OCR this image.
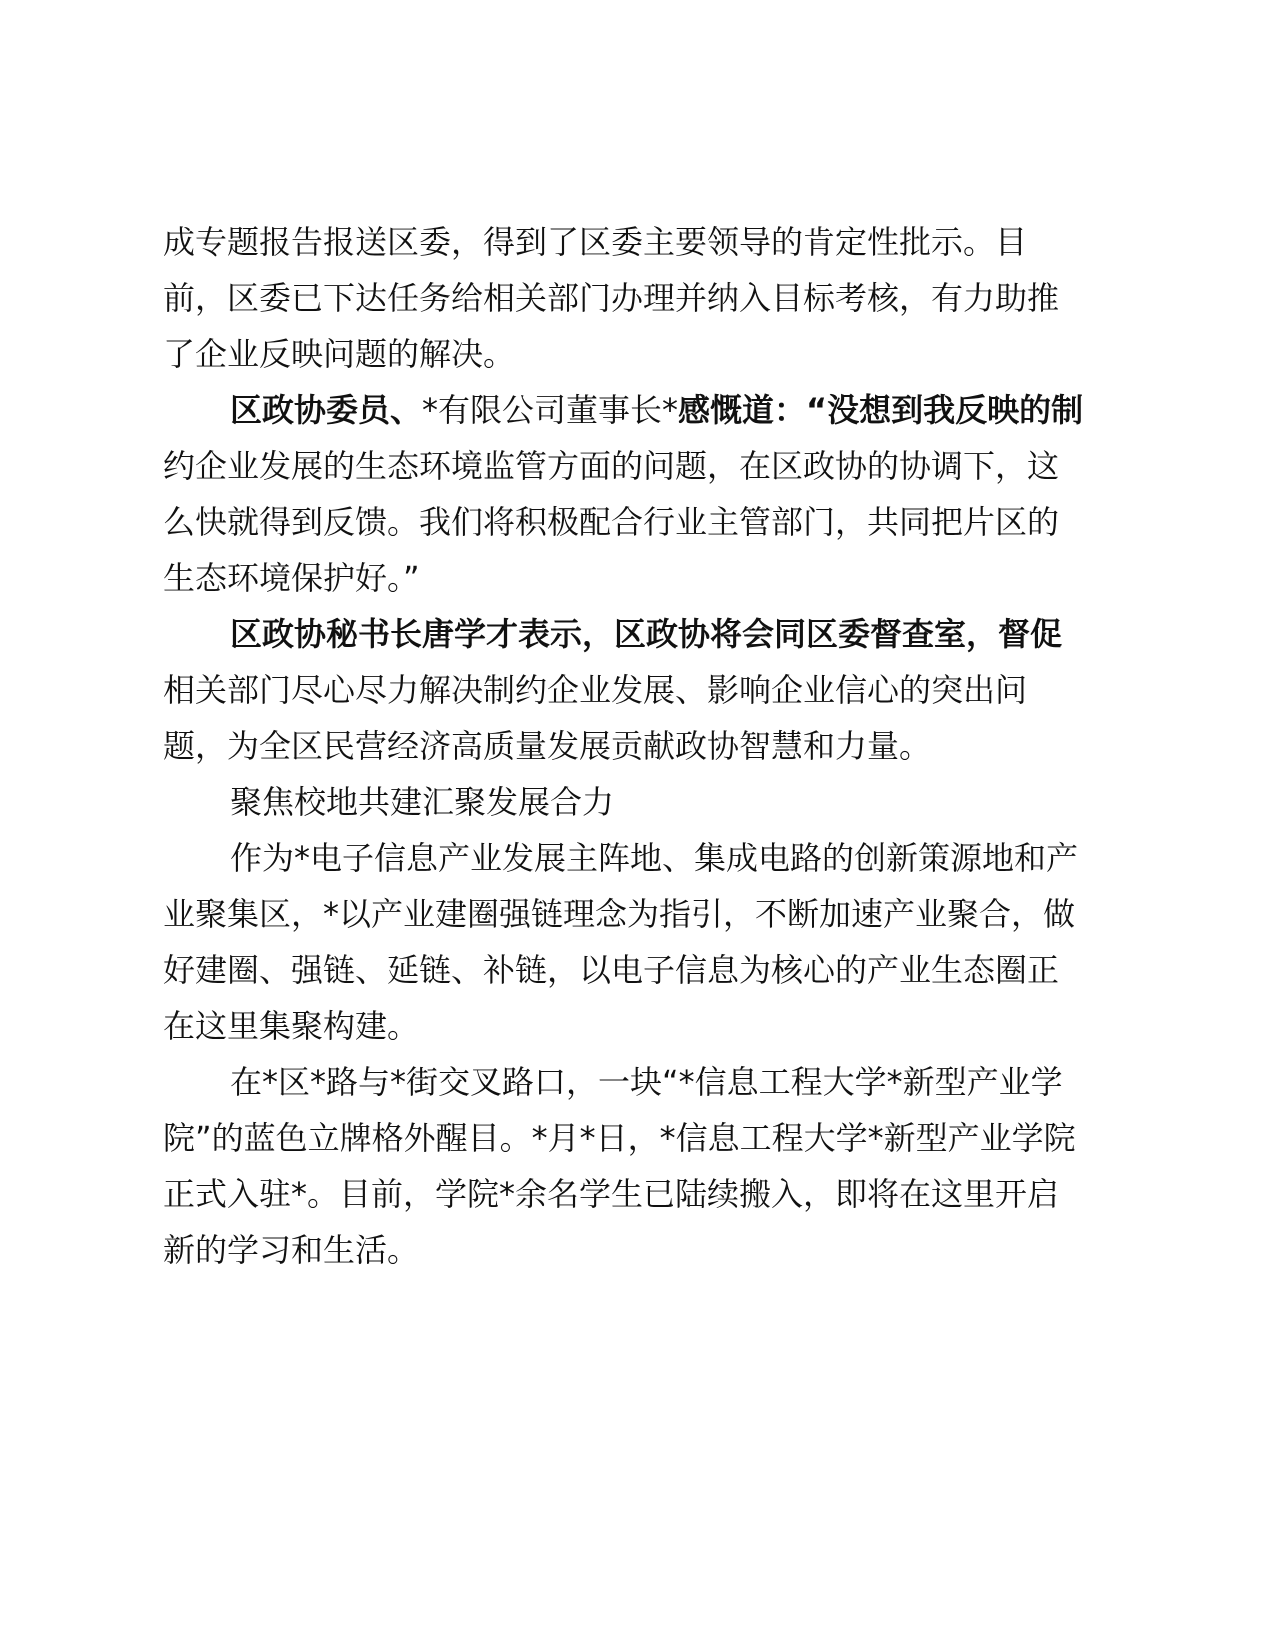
成专题报告报送区委，得到了区委主要领导的肯定性批示。目
前，区委已下达任务给相关部门办理并纳入目标考核，有力助推
了企业反映问题的解决。
区政协委员、*有限公司董事长*感慨道：“没想到我反映的制
约企业发展的生态环境监管方面的问题，在区政协的协调下，这
么快就得到反馈。我们将积极配合行业主管部门，共同把片区的
生态环境保护好。”
区政协秘书长唐学才表示，区政协将会同区委督查室，督促
相关部门尽心尽力解决制约企业发展、影响企业信心的突出问
题，为全区民营经济高质量发展贡献政协智慧和力量。
聚焦校地共建汇聚发展合力
作为*电子信息产业发展主阵地、集成电路的创新策源地和产
业聚集区，*以产业建圈强链理念为指引，不断加速产业聚合，做
好建圈、强链、延链、补链，以电子信息为核心的产业生态圈正
在这里集聚构建。
在*区*路与*街交叉路口，一块“*信息工程大学*新型产业学
院”的蓝色立牌格外醒目。*月*日，*信息工程大学*新型产业学院
正式入驻*。目前，学院*余名学生已陆续搬入，即将在这里开启
新的学习和生活。
